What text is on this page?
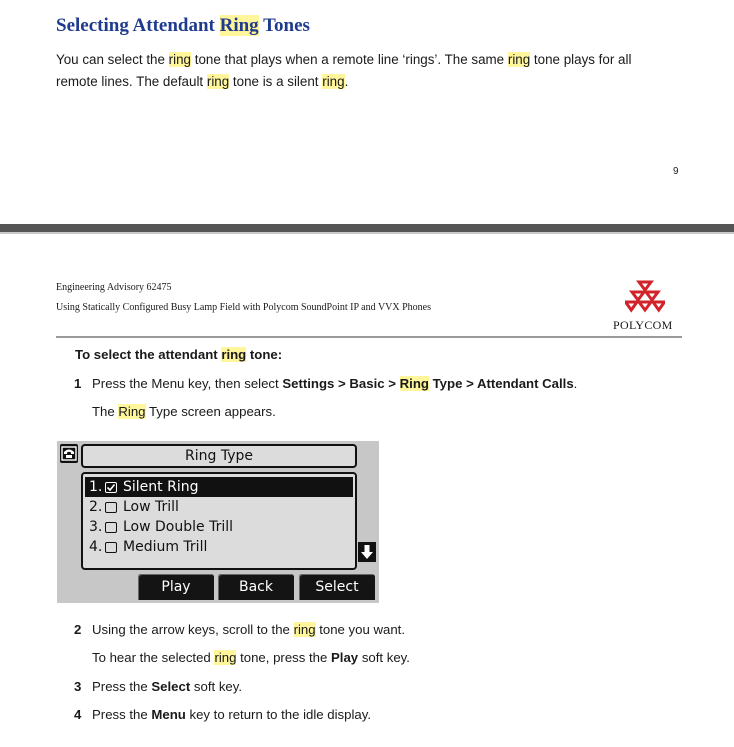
Selecting Attendant Ring Tones
You can select the ring tone that plays when a remote line ‘rings’. The same ring tone plays for all remote lines. The default ring tone is a silent ring.
9
Engineering Advisory 62475
Using Statically Configured Busy Lamp Field with Polycom SoundPoint IP and VVX Phones
POLYCOM
To select the attendant ring tone:
1 Press the Menu key, then select Settings > Basic > Ring Type > Attendant Calls.
The Ring Type screen appears.
Ring Type
1. Silent Ring
2. Low Trill
3. Low Double Trill
4. Medium Trill
Play	Back	Select
2 Using the arrow keys, scroll to the ring tone you want.
To hear the selected ring tone, press the Play soft key.
3 Press the Select soft key.
4 Press the Menu key to return to the idle display.
